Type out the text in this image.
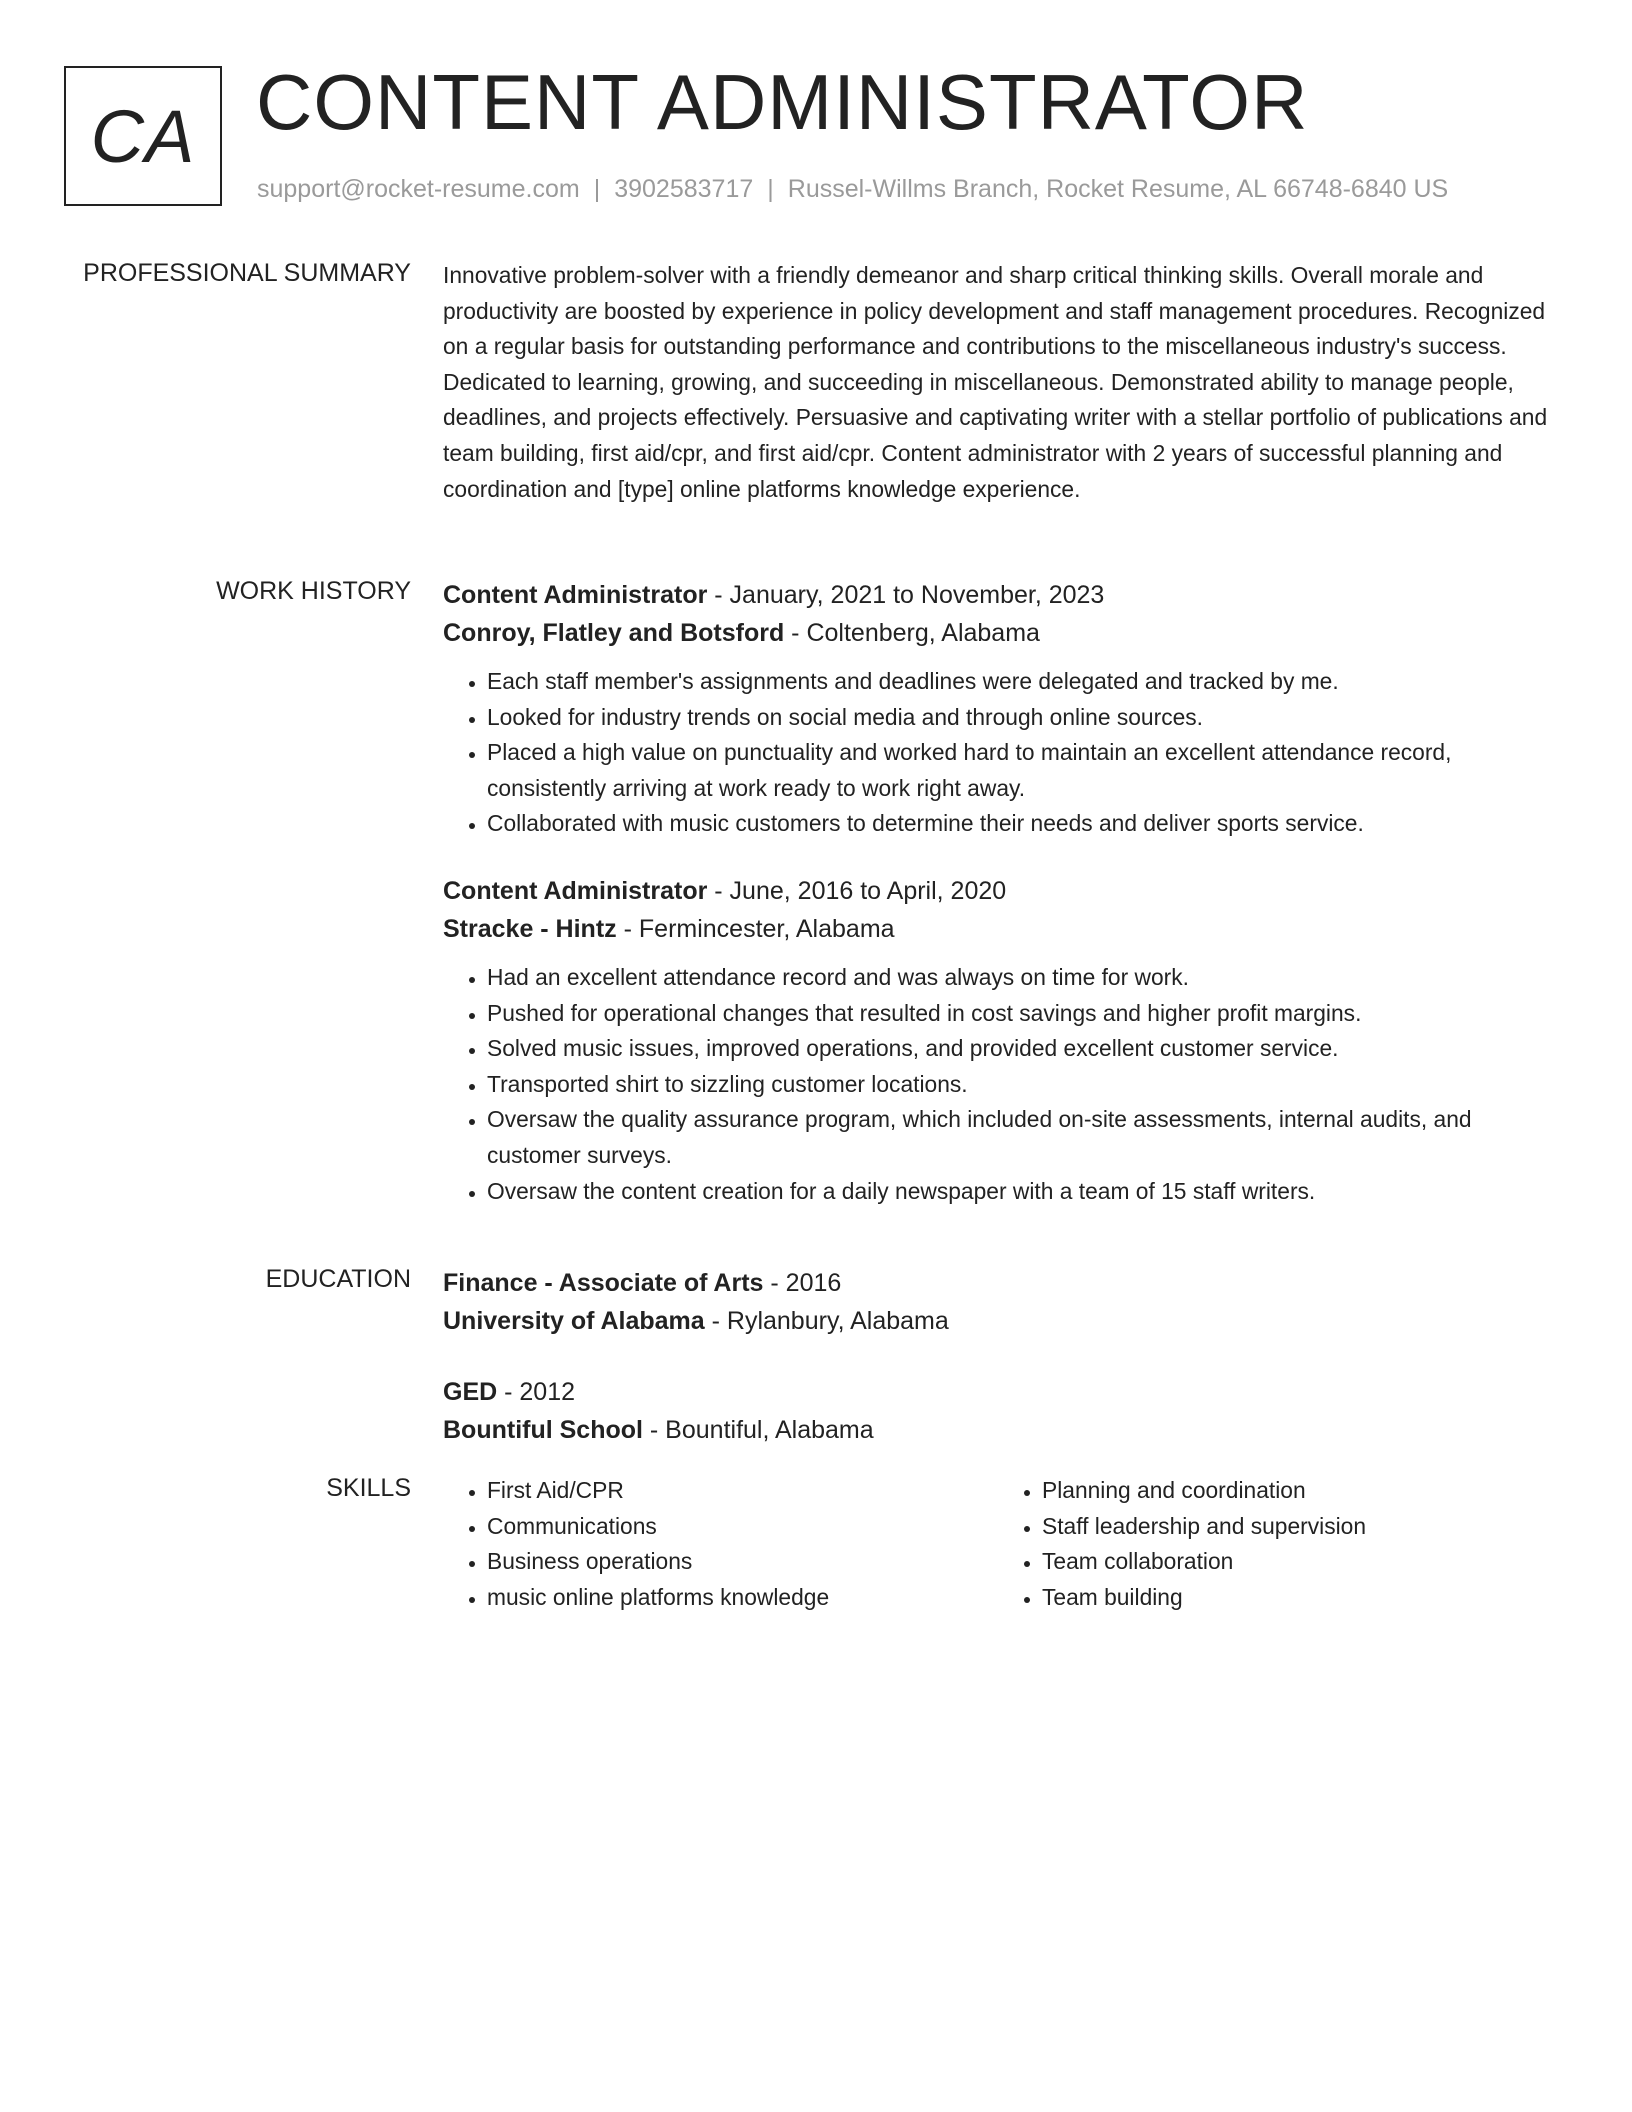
CA CONTENT ADMINISTRATOR
support@rocket-resume.com | 3902583717 | Russel-Willms Branch, Rocket Resume, AL 66748-6840 US
PROFESSIONAL SUMMARY Innovative problem-solver with a friendly demeanor and sharp critical thinking skills. Overall morale and productivity are boosted by experience in policy development and staff management procedures. Recognized on a regular basis for outstanding performance and contributions to the miscellaneous industry's success. Dedicated to learning, growing, and succeeding in miscellaneous. Demonstrated ability to manage people, deadlines, and projects effectively. Persuasive and captivating writer with a stellar portfolio of publications and team building, first aid/cpr, and first aid/cpr. Content administrator with 2 years of successful planning and coordination and [type] online platforms knowledge experience.

WORK HISTORY Content Administrator - January, 2021 to November, 2023
Conroy, Flatley and Botsford - Coltenberg, Alabama
• Each staff member's assignments and deadlines were delegated and tracked by me.
• Looked for industry trends on social media and through online sources.
• Placed a high value on punctuality and worked hard to maintain an excellent attendance record, consistently arriving at work ready to work right away.
• Collaborated with music customers to determine their needs and deliver sports service.
Content Administrator - June, 2016 to April, 2020
Stracke - Hintz - Fermincester, Alabama
• Had an excellent attendance record and was always on time for work.
• Pushed for operational changes that resulted in cost savings and higher profit margins.
• Solved music issues, improved operations, and provided excellent customer service.
• Transported shirt to sizzling customer locations.
• Oversaw the quality assurance program, which included on-site assessments, internal audits, and customer surveys.
• Oversaw the content creation for a daily newspaper with a team of 15 staff writers.
EDUCATION Finance - Associate of Arts - 2016
University of Alabama - Rylanbury, Alabama
GED - 2012
Bountiful School - Bountiful, Alabama
SKILLS
•	First Aid/CPR
• Communications
• Business operations
• music online platforms knowledge
• Planning and coordination
• Staff leadership and supervision
• Team collaboration
• Team building
